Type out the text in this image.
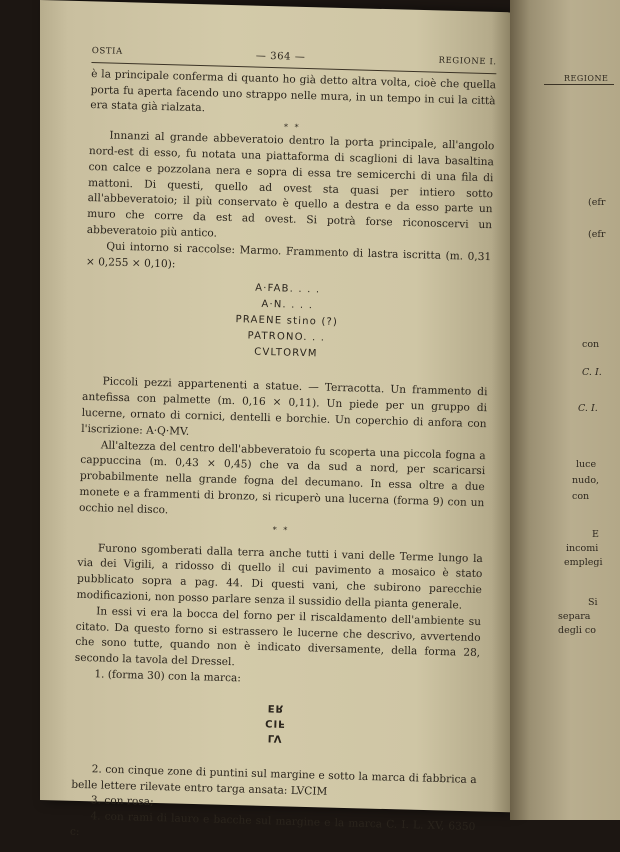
OSTIA	— 364 —	REGIONE I.

è la principale conferma di quanto ho già detto altra volta, cioè che quella porta fu aperta facendo uno strappo nelle mura, in un tempo in cui la città era stata già rialzata.

* *

Innanzi al grande abbeveratoio dentro la porta principale, all'angolo nord-est di esso, fu notata una piattaforma di scaglioni di lava basaltina con calce e pozzolana nera e sopra di essa tre semicerchi di una fila di mattoni. Di questi, quello ad ovest sta quasi per intiero sotto all'abbeveratoio; il più conservato è quello a destra e da esso parte un muro che corre da est ad ovest. Si potrà forse riconoscervi un abbeveratoio più antico.

Qui intorno si raccolse: Marmo. Frammento di lastra iscritta (m. 0,31 × 0,255 × 0,10):

A·FAB. . . .
A·N. . . .
PRAENE stino (?)
PATRONO. . .
CVLTORVM

Piccoli pezzi appartenenti a statue. — Terracotta. Un frammento di antefissa con palmette (m. 0,16 × 0,11). Un piede per un gruppo di lucerne, ornato di cornici, dentelli e borchie. Un coperchio di anfora con l'iscrizione: A·Q·MV.

All'altezza del centro dell'abbeveratoio fu scoperta una piccola fogna a cappuccina (m. 0,43 × 0,45) che va da sud a nord, per scaricarsi probabilmente nella grande fogna del decumano. In essa oltre a due monete e a frammenti di bronzo, si ricuperò una lucerna (forma 9) con un occhio nel disco.

* *

Furono sgomberati dalla terra anche tutti i vani delle Terme lungo la via dei Vigili, a ridosso di quello il cui pavimento a mosaico è stato pubblicato sopra a pag. 44. Di questi vani, che subirono parecchie modificazioni, non posso parlare senza il sussidio della pianta generale.

In essi vi era la bocca del forno per il riscaldamento dell'ambiente su citato. Da questo forno si estrassero le lucerne che descrivo, avvertendo che sono tutte, quando non è indicato diversamente, della forma 28, secondo la tavola del Dressel.

1. (forma 30) con la marca:

ER
CIF
LV

2. con cinque zone di puntini sul margine e sotto la marca di fabbrica a belle lettere rilevate entro targa ansata: LVCIM

3. con rosa;

4. con rami di lauro e bacche sul margine e la marca C. I. L. XV, 6350 c:

REGIONE
(efr
(efr
con
C. I.
C. I.
luce
nudo,
con
E
incomi
emplegi
Si
separa
degli co
